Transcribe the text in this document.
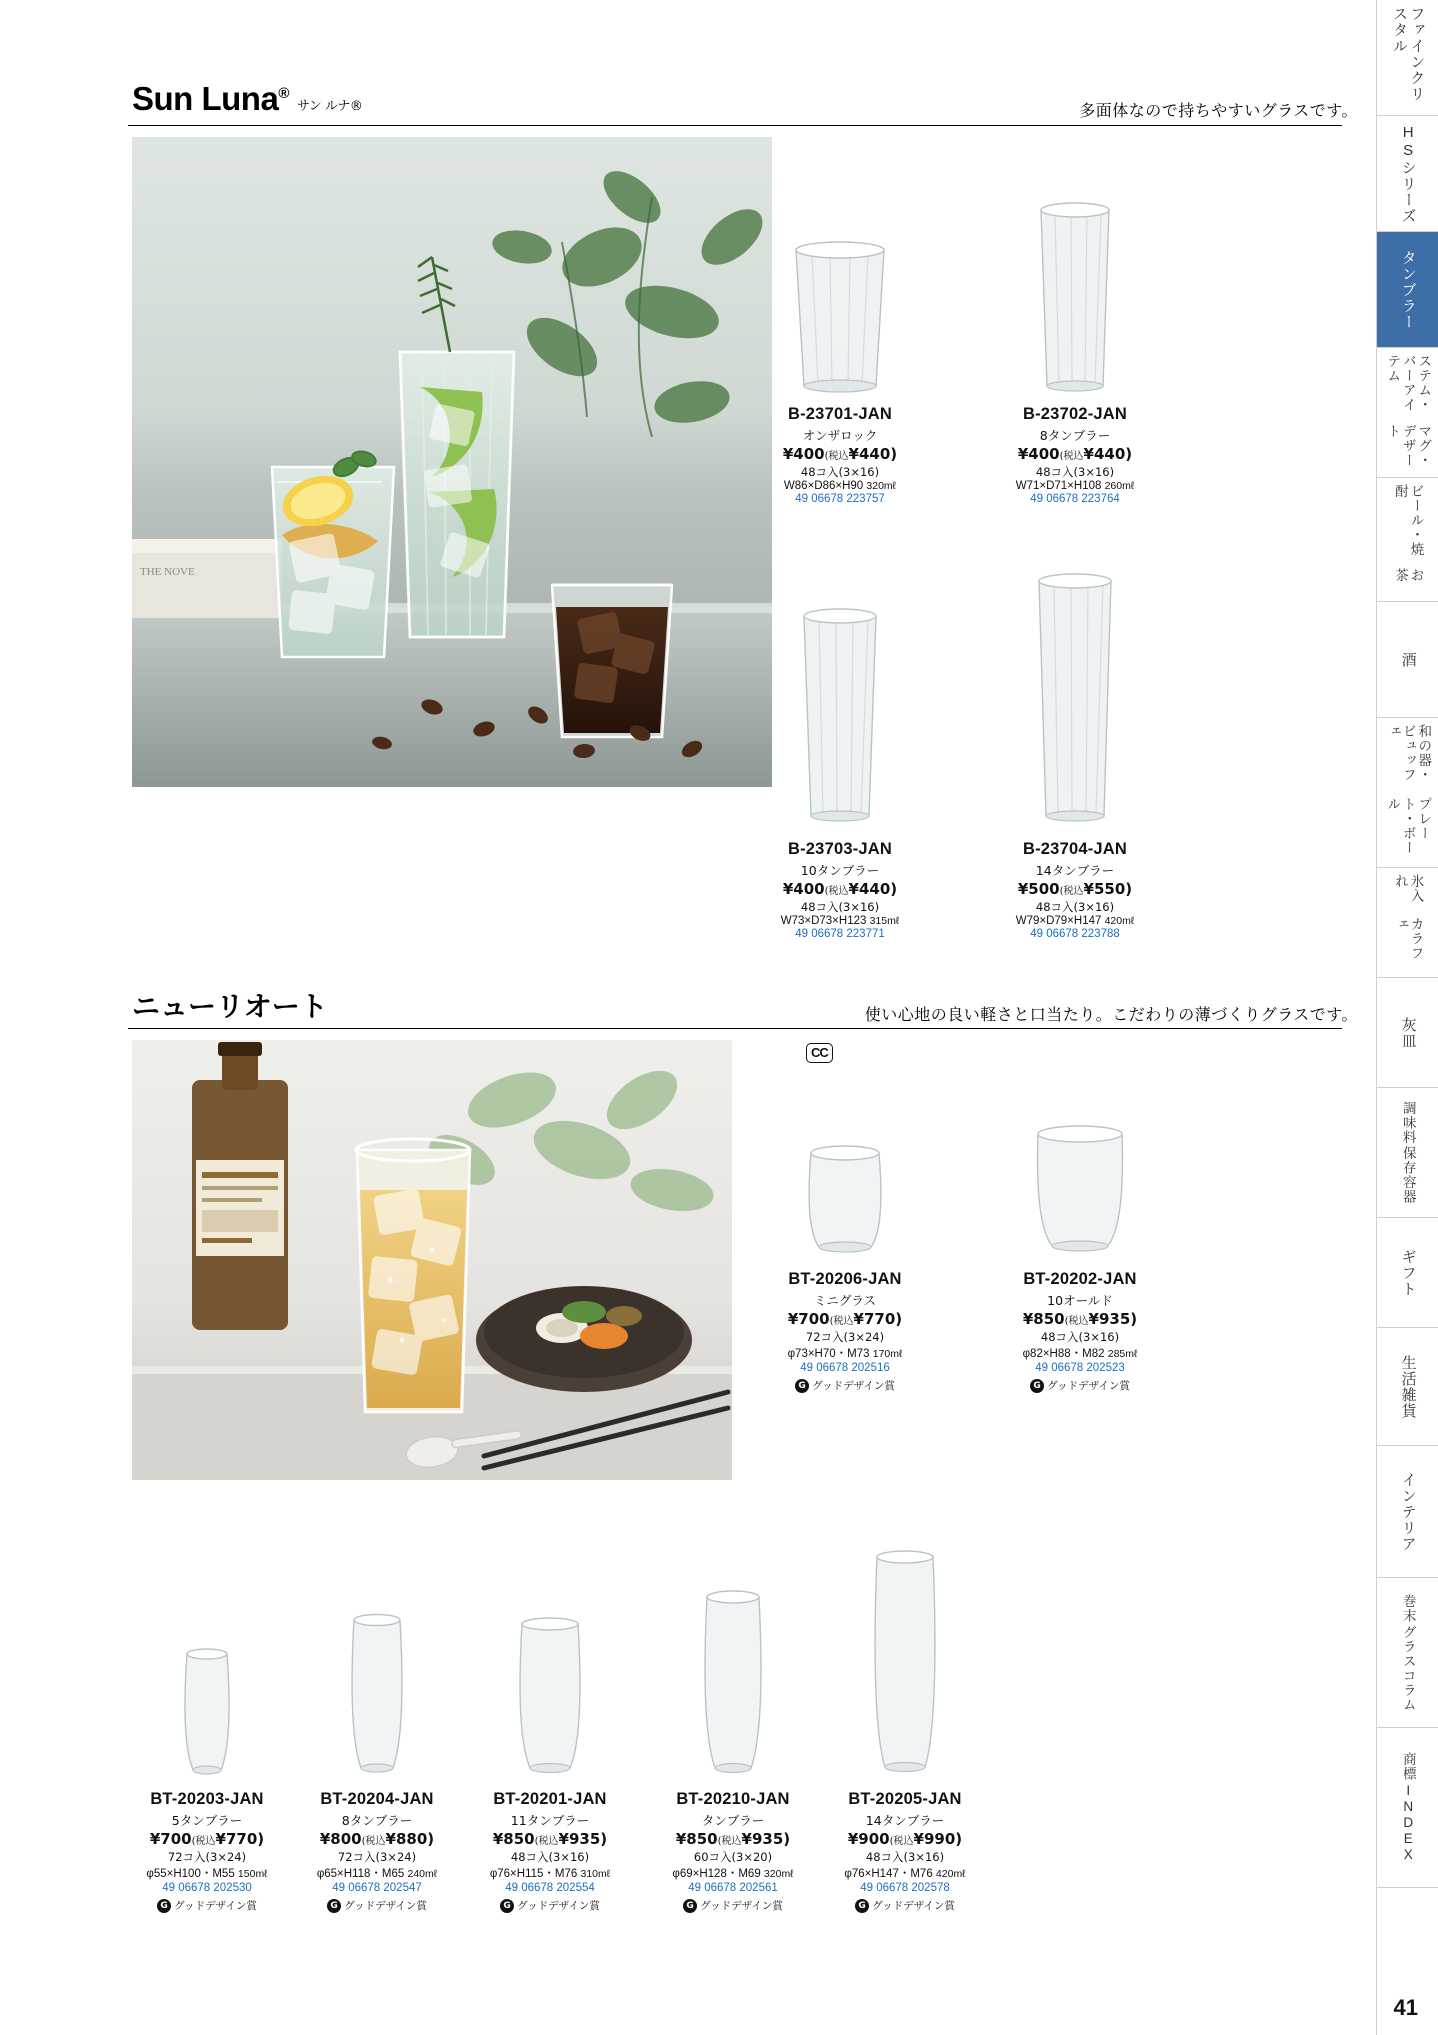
ファインクリスタル
HSシリーズ
タンブラー
ステム・バーアイテム
マグ・デザート
ビール・焼酎
お茶
酒
和の器・ビュッフェ
プレート・ボール
氷入れ
カラフェ
灰皿
調味料
保存容器
ギフト
生活雑貨
インテリア
巻末
グラスコラム
商標
INDEX
Sun Luna®サン ルナ®	多面体なので持ちやすいグラスです。
THE NOVE
B-23701-JAN
オンザロック
¥400(税込¥440)
48コ入(3×16)
W86×D86×H90 320mℓ
49 06678 223757
B-23702-JAN
8タンブラー
¥400(税込¥440)
48コ入(3×16)
W71×D71×H108 260mℓ
49 06678 223764
B-23703-JAN
10タンブラー
¥400(税込¥440)
48コ入(3×16)
W73×D73×H123 315mℓ
49 06678 223771
B-23704-JAN
14タンブラー
¥500(税込¥550)
48コ入(3×16)
W79×D79×H147 420mℓ
49 06678 223788
ニューリオート	使い心地の良い軽さと口当たり。こだわりの薄づくりグラスです。
CC
BT-20206-JAN
ミニグラス
¥700(税込¥770)
72コ入(3×24)
φ73×H70・M73 170mℓ
49 06678 202516
G グッドデザイン賞
BT-20202-JAN
10オールド
¥850(税込¥935)
48コ入(3×16)
φ82×H88・M82 285mℓ
49 06678 202523
G グッドデザイン賞
BT-20203-JAN
5タンブラー
¥700(税込¥770)
72コ入(3×24)
φ55×H100・M55 150mℓ
49 06678 202530
G グッドデザイン賞
BT-20204-JAN
8タンブラー
¥800(税込¥880)
72コ入(3×24)
φ65×H118・M65 240mℓ
49 06678 202547
G グッドデザイン賞
BT-20201-JAN
11タンブラー
¥850(税込¥935)
48コ入(3×16)
φ76×H115・M76 310mℓ
49 06678 202554
G グッドデザイン賞
BT-20210-JAN
タンブラー
¥850(税込¥935)
60コ入(3×20)
φ69×H128・M69 320mℓ
49 06678 202561
G グッドデザイン賞
BT-20205-JAN
14タンブラー
¥900(税込¥990)
48コ入(3×16)
φ76×H147・M76 420mℓ
49 06678 202578
G グッドデザイン賞
41
